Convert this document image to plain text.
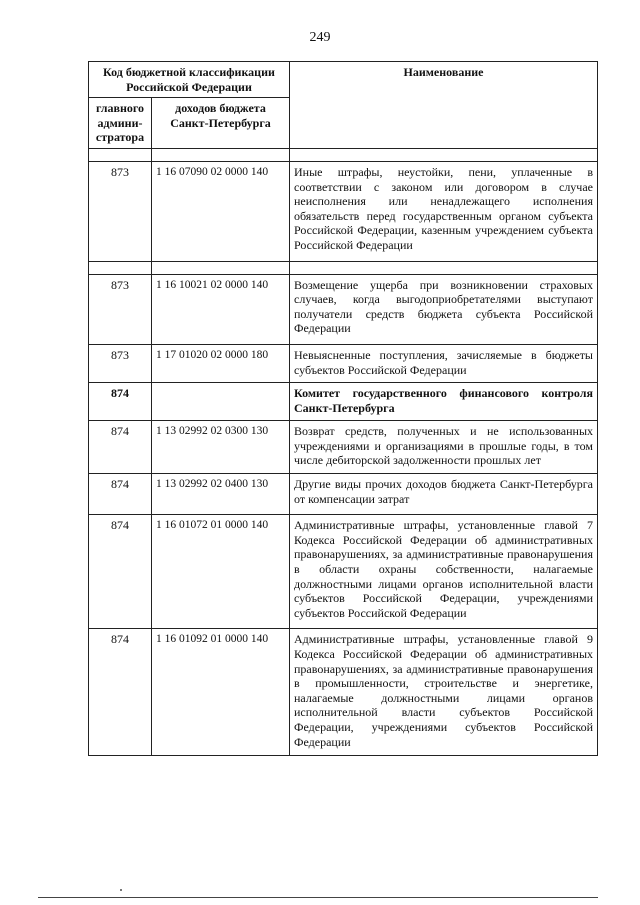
249
Код бюджетной классификации Российской Федерации		Наименование
главного админи-стратора	доходов бюджета Санкт-Петербурга	

873	1 16 07090 02 0000 140	Иные штрафы, неустойки, пени, уплаченные в соответствии с законом или договором в случае неисполнения или ненадлежащего исполнения обязательств перед государственным органом субъекта Российской Федерации, казенным учреждением субъекта Российской Федерации

873	1 16 10021 02 0000 140	Возмещение ущерба при возникновении страховых случаев, когда выгодоприобретателями выступают получатели средств бюджета субъекта Российской Федерации
873	1 17 01020 02 0000 180	Невыясненные поступления, зачисляемые в бюджеты субъектов Российской Федерации
874		Комитет государственного финансового контроля Санкт-Петербурга
874	1 13 02992 02 0300 130	Возврат средств, полученных и не использованных учреждениями и организациями в прошлые годы, в том числе дебиторской задолженности прошлых лет
874	1 13 02992 02 0400 130	Другие виды прочих доходов бюджета Санкт-Петербурга от компенсации затрат
874	1 16 01072 01 0000 140	Административные штрафы, установленные главой 7 Кодекса Российской Федерации об административных правонарушениях, за административные правонарушения в области охраны собственности, налагаемые должностными лицами органов исполнительной власти субъектов Российской Федерации, учреждениями субъектов Российской Федерации
874	1 16 01092 01 0000 140	Административные штрафы, установленные главой 9 Кодекса Российской Федерации об административных правонарушениях, за административные правонарушения в промышленности, строительстве и энергетике, налагаемые должностными лицами органов исполнительной власти субъектов Российской Федерации, учреждениями субъектов Российской Федерации
